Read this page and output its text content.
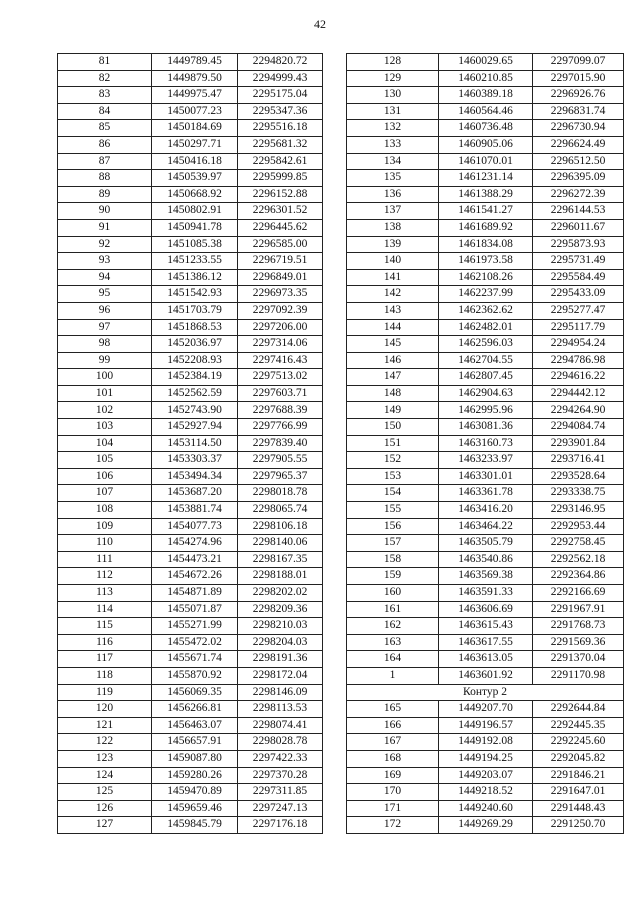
42
81	1449789.45	2294820.72
82	1449879.50	2294999.43
83	1449975.47	2295175.04
84	1450077.23	2295347.36
85	1450184.69	2295516.18
86	1450297.71	2295681.32
87	1450416.18	2295842.61
88	1450539.97	2295999.85
89	1450668.92	2296152.88
90	1450802.91	2296301.52
91	1450941.78	2296445.62
92	1451085.38	2296585.00
93	1451233.55	2296719.51
94	1451386.12	2296849.01
95	1451542.93	2296973.35
96	1451703.79	2297092.39
97	1451868.53	2297206.00
98	1452036.97	2297314.06
99	1452208.93	2297416.43
100	1452384.19	2297513.02
101	1452562.59	2297603.71
102	1452743.90	2297688.39
103	1452927.94	2297766.99
104	1453114.50	2297839.40
105	1453303.37	2297905.55
106	1453494.34	2297965.37
107	1453687.20	2298018.78
108	1453881.74	2298065.74
109	1454077.73	2298106.18
110	1454274.96	2298140.06
111	1454473.21	2298167.35
112	1454672.26	2298188.01
113	1454871.89	2298202.02
114	1455071.87	2298209.36
115	1455271.99	2298210.03
116	1455472.02	2298204.03
117	1455671.74	2298191.36
118	1455870.92	2298172.04
119	1456069.35	2298146.09
120	1456266.81	2298113.53
121	1456463.07	2298074.41
122	1456657.91	2298028.78
123	1459087.80	2297422.33
124	1459280.26	2297370.28
125	1459470.89	2297311.85
126	1459659.46	2297247.13
127	1459845.79	2297176.18
128	1460029.65	2297099.07
129	1460210.85	2297015.90
130	1460389.18	2296926.76
131	1460564.46	2296831.74
132	1460736.48	2296730.94
133	1460905.06	2296624.49
134	1461070.01	2296512.50
135	1461231.14	2296395.09
136	1461388.29	2296272.39
137	1461541.27	2296144.53
138	1461689.92	2296011.67
139	1461834.08	2295873.93
140	1461973.58	2295731.49
141	1462108.26	2295584.49
142	1462237.99	2295433.09
143	1462362.62	2295277.47
144	1462482.01	2295117.79
145	1462596.03	2294954.24
146	1462704.55	2294786.98
147	1462807.45	2294616.22
148	1462904.63	2294442.12
149	1462995.96	2294264.90
150	1463081.36	2294084.74
151	1463160.73	2293901.84
152	1463233.97	2293716.41
153	1463301.01	2293528.64
154	1463361.78	2293338.75
155	1463416.20	2293146.95
156	1463464.22	2292953.44
157	1463505.79	2292758.45
158	1463540.86	2292562.18
159	1463569.38	2292364.86
160	1463591.33	2292166.69
161	1463606.69	2291967.91
162	1463615.43	2291768.73
163	1463617.55	2291569.36
164	1463613.05	2291370.04
1	1463601.92	2291170.98
Контур 2		
165	1449207.70	2292644.84
166	1449196.57	2292445.35
167	1449192.08	2292245.60
168	1449194.25	2292045.82
169	1449203.07	2291846.21
170	1449218.52	2291647.01
171	1449240.60	2291448.43
172	1449269.29	2291250.70
